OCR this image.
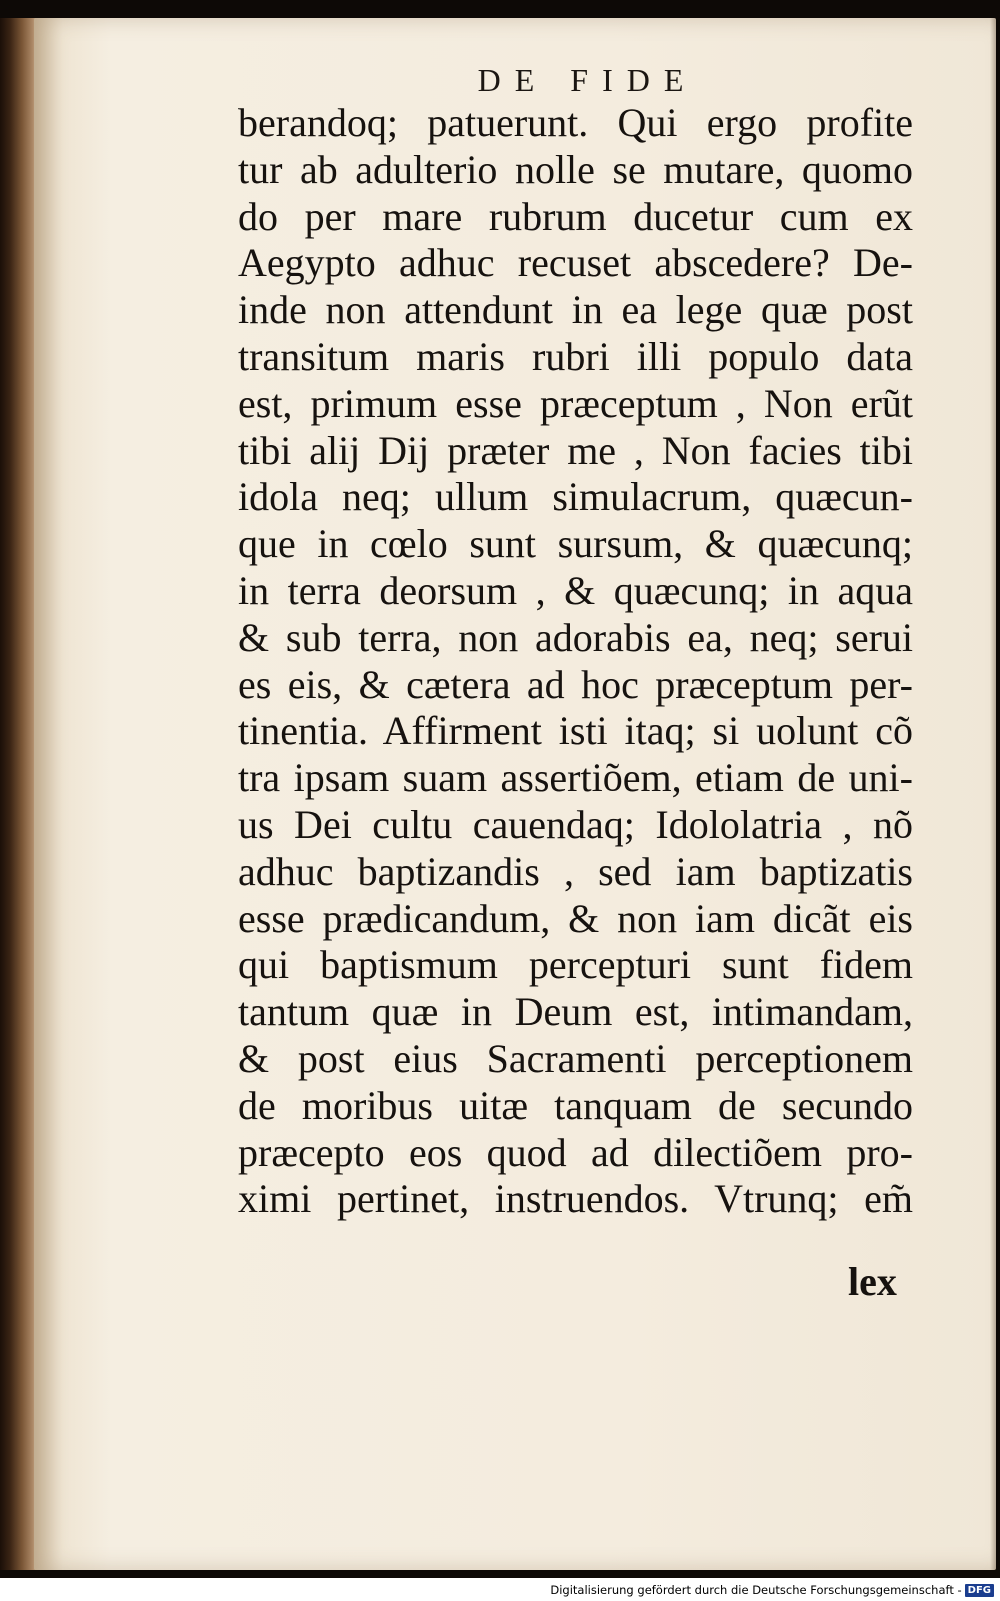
DE FIDE
berandoq; patuerunt. Qui ergo profite
tur ab adulterio nolle se mutare, quomo
do per mare rubrum ducetur cum ex
Aegypto adhuc recuset abscedere? De-
inde non attendunt in ea lege quæ post
transitum maris rubri illi populo data
est, primum esse præceptum , Non erũt
tibi alij Dij præter me , Non facies tibi
idola neq; ullum simulacrum, quæcun-
que in cœlo sunt sursum, & quæcunq;
in terra deorsum , & quæcunq; in aqua
& sub terra, non adorabis ea, neq; serui
es eis, & cætera ad hoc præceptum per-
tinentia. Affirment isti itaq; si uolunt cõ
tra ipsam suam assertiõem, etiam de uni-
us Dei cultu cauendaq; Idololatria , nõ
adhuc baptizandis , sed iam baptizatis
esse prædicandum, & non iam dicãt eis
qui baptismum percepturi sunt fidem
tantum quæ in Deum est, intimandam,
& post eius Sacramenti perceptionem
de moribus uitæ tanquam de secundo
præcepto eos quod ad dilectiõem pro-
ximi pertinet, instruendos. Vtrunq; em̃
lex
Digitalisierung gefördert durch die Deutsche Forschungsgemeinschaft - DFG
